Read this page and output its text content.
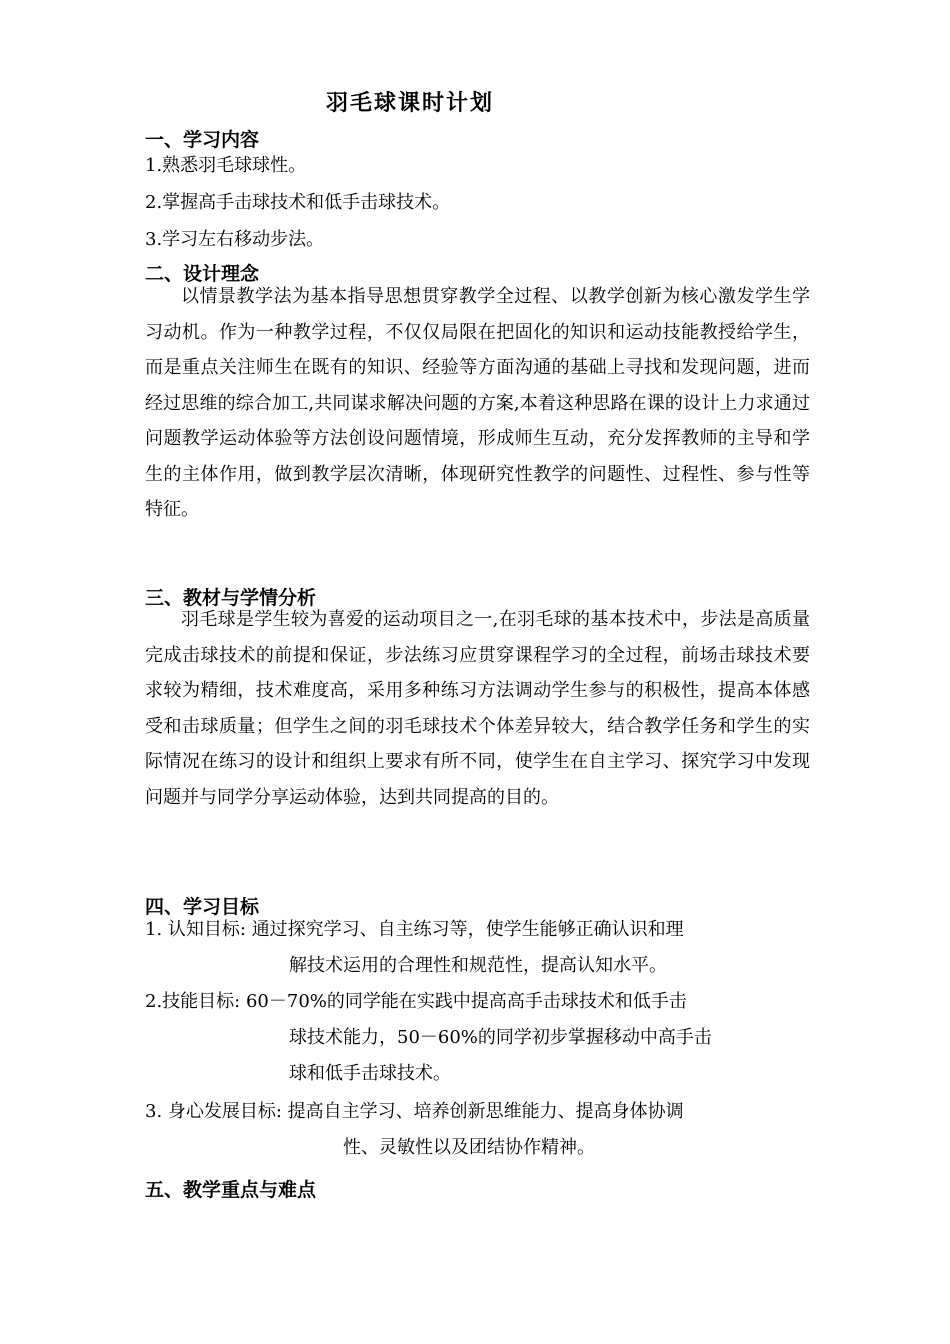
羽毛球课时计划
一、学习内容
1.熟悉羽毛球球性。
2.掌握高手击球技术和低手击球技术。
3.学习左右移动步法。
二、设计理念
以情景教学法为基本指导思想贯穿教学全过程、以教学创新为核心激发学生学习动机。作为一种教学过程，不仅仅局限在把固化的知识和运动技能教授给学生，而是重点关注师生在既有的知识、经验等方面沟通的基础上寻找和发现问题，进而经过思维的综合加工,共同谋求解决问题的方案,本着这种思路在课的设计上力求通过问题教学运动体验等方法创设问题情境，形成师生互动，充分发挥教师的主导和学生的主体作用，做到教学层次清晰，体现研究性教学的问题性、过程性、参与性等特征。
三、教材与学情分析
羽毛球是学生较为喜爱的运动项目之一,在羽毛球的基本技术中，步法是高质量完成击球技术的前提和保证，步法练习应贯穿课程学习的全过程，前场击球技术要求较为精细，技术难度高，采用多种练习方法调动学生参与的积极性，提高本体感受和击球质量；但学生之间的羽毛球技术个体差异较大，结合教学任务和学生的实际情况在练习的设计和组织上要求有所不同，使学生在自主学习、探究学习中发现问题并与同学分享运动体验，达到共同提高的目的。
四、学习目标
1. 认知目标: 通过探究学习、自主练习等，使学生能够正确认识和理
解技术运用的合理性和规范性，提高认知水平。
2.技能目标: 60－70%的同学能在实践中提高高手击球技术和低手击
球技术能力，50－60%的同学初步掌握移动中高手击
球和低手击球技术。
3. 身心发展目标: 提高自主学习、培养创新思维能力、提高身体协调
性、灵敏性以及团结协作精神。
五、教学重点与难点
